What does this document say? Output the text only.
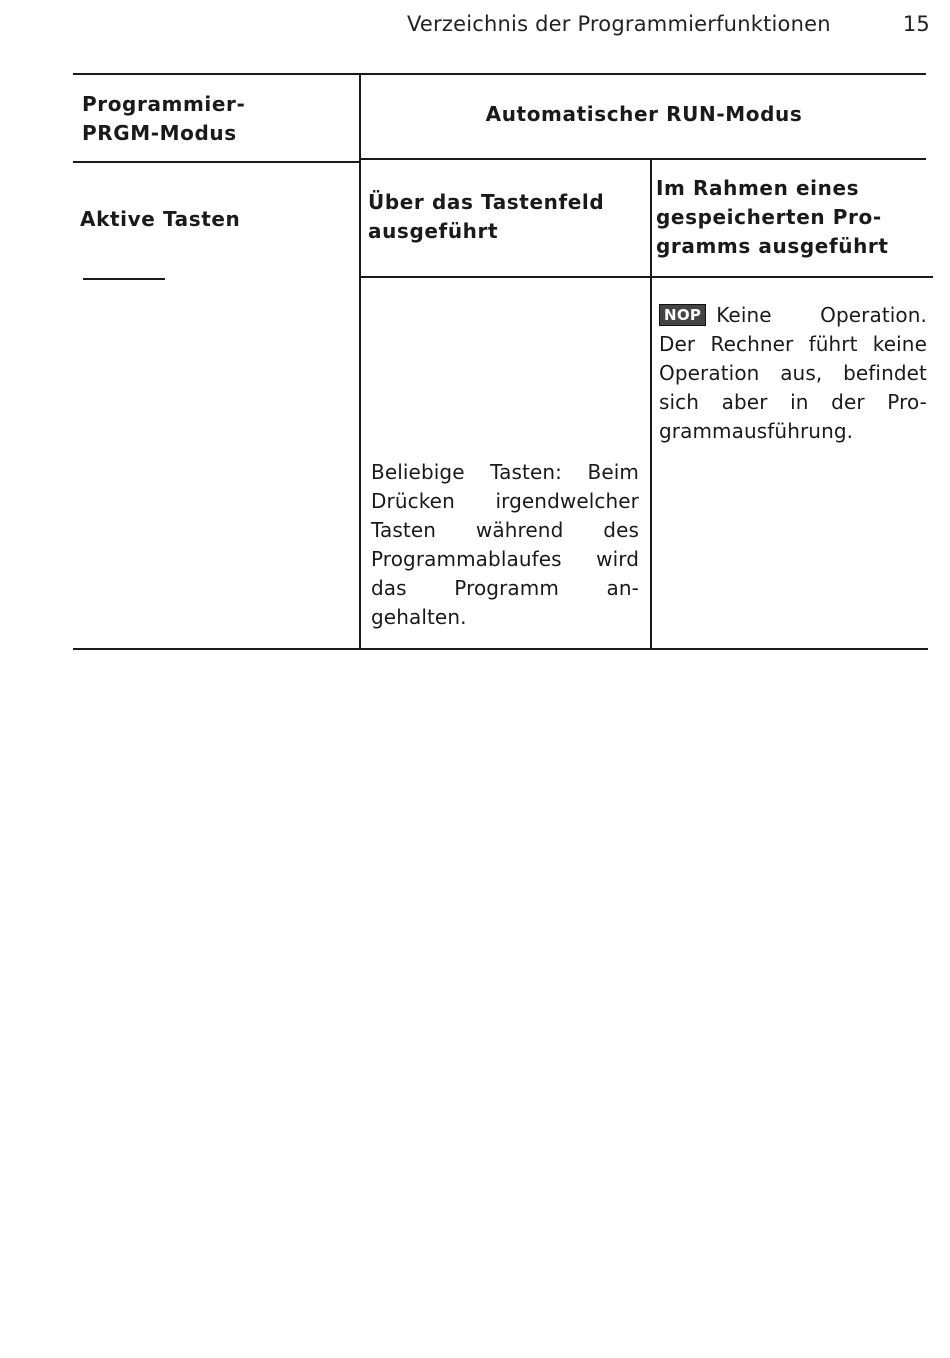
Verzeichnis der Programmierfunktionen	15
Programmier-
PRGM-Modus
Automatischer RUN-Modus
Aktive Tasten
Über das Tastenfeld
ausgeführt
Im Rahmen eines
gespeicherten Pro-
gramms ausgeführt
NOP Keine Operation. Der Rechner führt keine Operation aus, befindet sich aber in der Pro- grammausführung.
Beliebige Tasten: Beim Drücken irgendwelcher Tasten während des Programmablaufes wird das Programm an- gehalten.
